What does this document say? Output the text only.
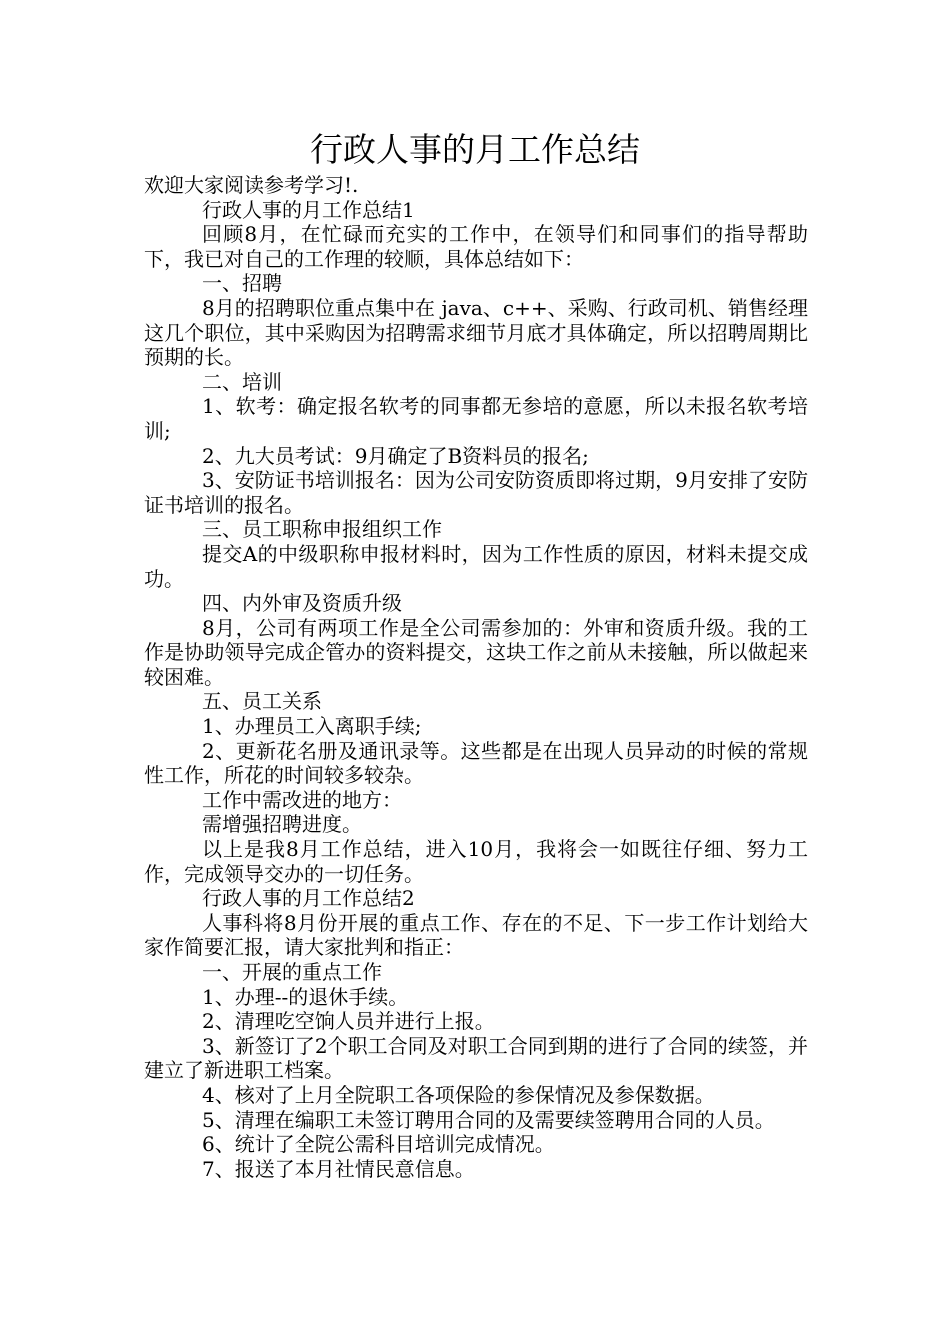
行政人事的月工作总结

欢迎大家阅读参考学习!.

行政人事的月工作总结1

回顾8月，在忙碌而充实的工作中，在领导们和同事们的指导帮助下，我已对自己的工作理的较顺，具体总结如下：

一、招聘

8月的招聘职位重点集中在 java、c++、采购、行政司机、销售经理这几个职位，其中采购因为招聘需求细节月底才具体确定，所以招聘周期比预期的长。

二、培训

1、软考：确定报名软考的同事都无参培的意愿，所以未报名软考培训;

2、九大员考试：9月确定了B资料员的报名;

3、安防证书培训报名：因为公司安防资质即将过期，9月安排了安防证书培训的报名。

三、员工职称申报组织工作

提交A的中级职称申报材料时，因为工作性质的原因，材料未提交成功。

四、内外审及资质升级

8月，公司有两项工作是全公司需参加的：外审和资质升级。我的工作是协助领导完成企管办的资料提交，这块工作之前从未接触，所以做起来较困难。

五、员工关系

1、办理员工入离职手续;

2、更新花名册及通讯录等。这些都是在出现人员异动的时候的常规性工作，所花的时间较多较杂。

工作中需改进的地方：

需增强招聘进度。

以上是我8月工作总结，进入10月，我将会一如既往仔细、努力工作，完成领导交办的一切任务。

行政人事的月工作总结2

人事科将8月份开展的重点工作、存在的不足、下一步工作计划给大家作简要汇报，请大家批判和指正：

一、开展的重点工作

1、办理--的退休手续。

2、清理吃空饷人员并进行上报。

3、新签订了2个职工合同及对职工合同到期的进行了合同的续签，并建立了新进职工档案。

4、核对了上月全院职工各项保险的参保情况及参保数据。

5、清理在编职工未签订聘用合同的及需要续签聘用合同的人员。

6、统计了全院公需科目培训完成情况。

7、报送了本月社情民意信息。
